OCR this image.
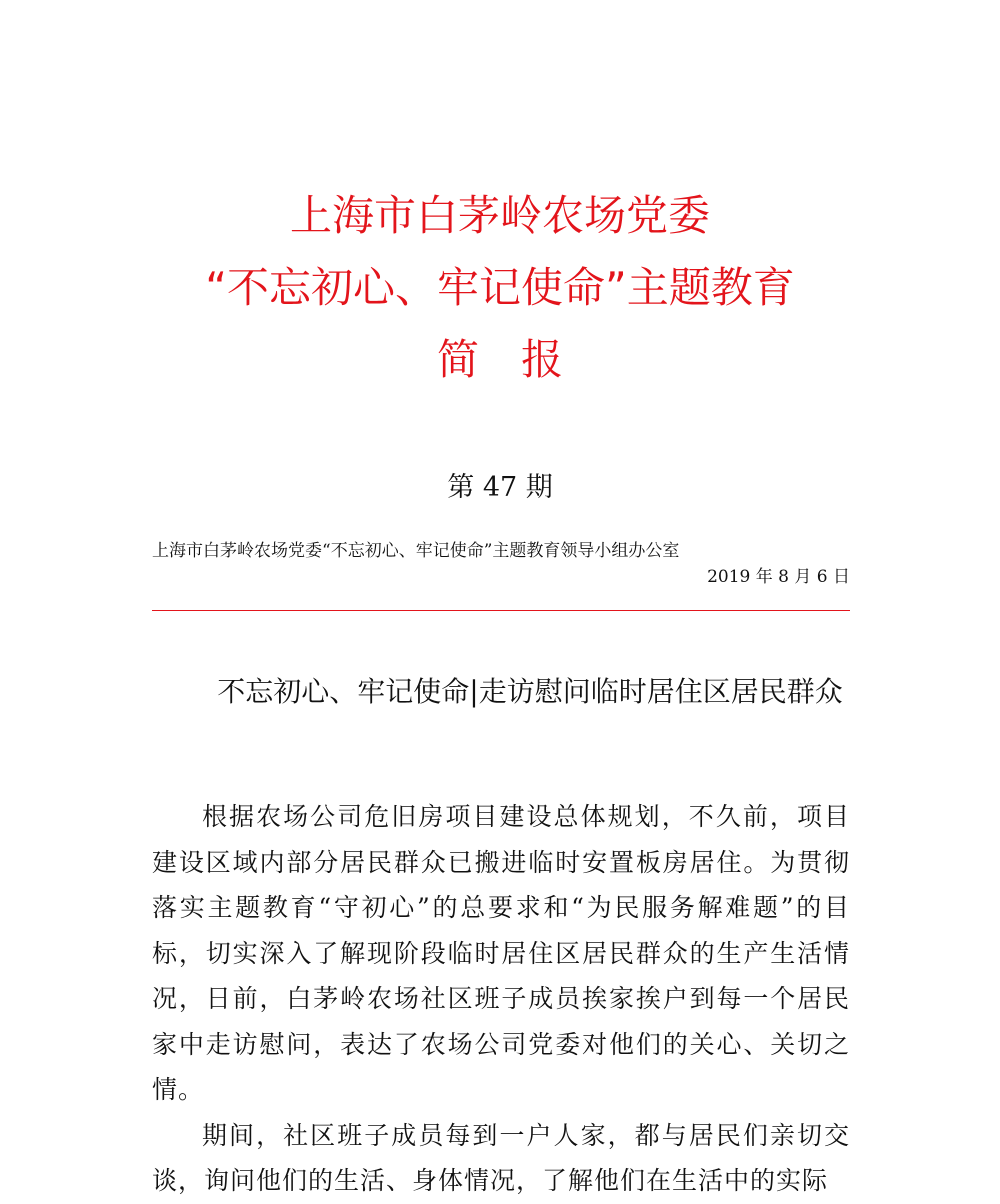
上海市白茅岭农场党委
“不忘初心、牢记使命”主题教育
简　报
第 47 期
上海市白茅岭农场党委“不忘初心、牢记使命”主题教育领导小组办公室
2019 年 8 月 6 日
不忘初心、牢记使命|走访慰问临时居住区居民群众

根据农场公司危旧房项目建设总体规划，不久前，项目建设区域内部分居民群众已搬进临时安置板房居住。为贯彻落实主题教育“守初心”的总要求和“为民服务解难题”的目标，切实深入了解现阶段临时居住区居民群众的生产生活情况，日前，白茅岭农场社区班子成员挨家挨户到每一个居民家中走访慰问，表达了农场公司党委对他们的关心、关切之情。

期间，社区班子成员每到一户人家，都与居民们亲切交谈，询问他们的生活、身体情况，了解他们在生活中的实际
